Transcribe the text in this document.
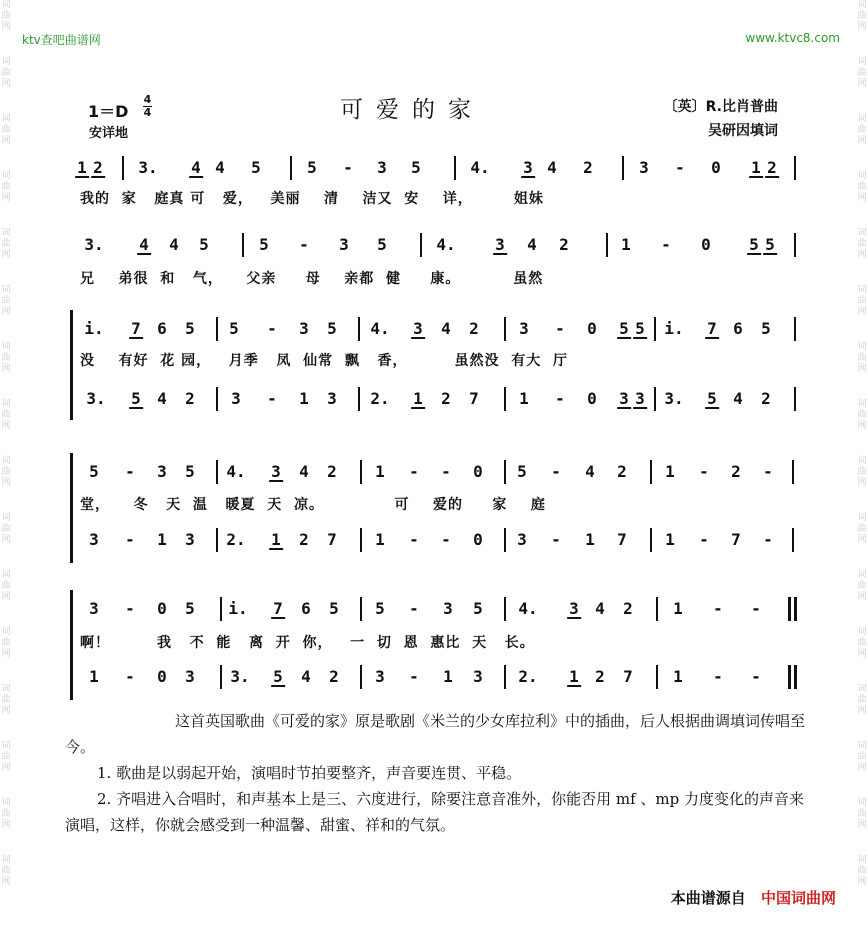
词
曲
网
词
曲
网
词
曲
网
词
曲
网
词
曲
网
词
曲
网
词
曲
网
词
曲
网
词
曲
网
词
曲
网
词
曲
网
词
曲
网
词
曲
网
词
曲
网
词
曲
网
词
曲
网
词
曲
网
词
曲
网
词
曲
网
词
曲
网
词
曲
网
词
曲
网
词
曲
网
词
曲
网
词
曲
网
词
曲
网
词
曲
网
词
曲
网
词
曲
网
词
曲
网
词
曲
网
词
曲
网
ktv查吧曲谱网	www.ktvc8.com
1＝D
4
4
安详地
可爱的家	〔英〕R.比肖普曲
吴研因填词
1 2 3. 4 4 5	5 - 3 5	4. 3 4 2	3 - 0 1 2
我的  家   庭真 可   爱，   美丽    清    洁又  安    详，       姐妹
3. 4 4 5	5 - 3 5	4. 3 4 2	1 - 0 5 5
兄    弟很  和   气，    父亲     母    亲都  健     康。         虽然
i. 7 6 5 5 - 3 5 4. 3 4 2	3 - 0 5 5 i. 7 6 5
没    有好  花 园，   月季   凤  仙常  飘   香，        虽然没  有大  厅
3. 5 4 2 3 - 1 3 2. 1 2 7	1 - 0 3 3 3. 5 4 2
5 - 3 5 4. 3 4 2 1 - - 0 5 - 4 2 1 - 2 -
堂，    冬   天  温   暖夏  天  凉。            可    爱的     家    庭
3 - 1 3 2. 1 2 7 1 - - 0 3 - 1 7 1 - 7 -
3 - 0 5 i. 7 6 5 5 - 3 5 4. 3 4 2	1 - -
啊！        我   不  能   离  开  你，   一  切  恩  惠比  天   长。
1 - 0 3 3. 5 4 2 3 - 1 3 2. 1 2 7	1 - -
这首英国歌曲《可爱的家》原是歌剧《米兰的少女库拉利》中的插曲，后人根据曲调填词传唱至今。
1. 歌曲是以弱起开始，演唱时节拍要整齐，声音要连贯、平稳。
2. 齐唱进入合唱时，和声基本上是三、六度进行，除要注意音准外，你能否用 mf 、mp 力度变化的声音来演唱，这样，你就会感受到一种温馨、甜蜜、祥和的气氛。
本曲谱源自 中国词曲网
